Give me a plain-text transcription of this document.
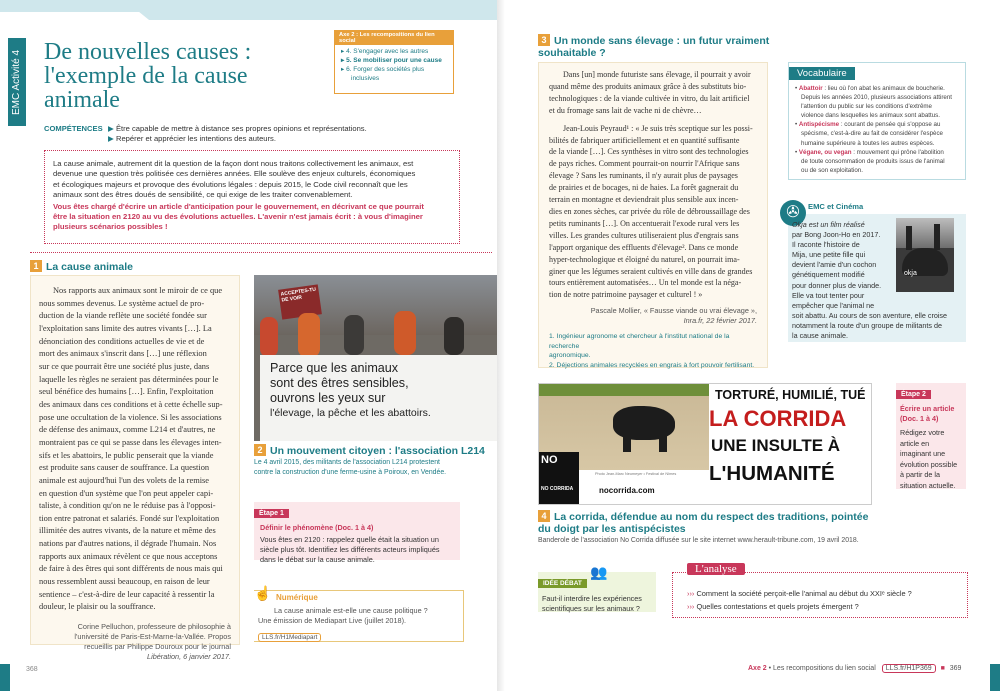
EMC Activité 4 De nouvelles causes :
l'exemple de la cause
animale
Axe 2 : Les recompositions du lien social
▸ 4. S'engager avec les autres
▸ 5. Se mobiliser pour une cause
▸ 6. Forger des sociétés plus
inclusives
COMPÉTENCES ▶ Être capable de mettre à distance ses propres opinions et représentations.
▶ Repérer et apprécier les intentions des auteurs.
La cause animale, autrement dit la question de la façon dont nous traitons collectivement les animaux, est
devenue une question très politisée ces dernières années. Elle soulève des enjeux culturels, économiques
et écologiques majeurs et provoque des évolutions légales : depuis 2015, le Code civil reconnaît que les
animaux sont des êtres doués de sensibilité, ce qui exige de les traiter convenablement.
Vous êtes chargé d'écrire un article d'anticipation pour le gouvernement, en décrivant ce que pourrait
être la situation en 2120 au vu des évolutions actuelles. L'avenir n'est jamais écrit : à vous d'imaginer
plusieurs scénarios possibles !
1 La cause animale
Nos rapports aux animaux sont le miroir de ce que
nous sommes devenus. Le système actuel de pro-
duction de la viande reflète une société fondée sur
l'exploitation sans limite des autres vivants […]. La
dénonciation des conditions actuelles de vie et de
mort des animaux s'inscrit dans […] une réflexion
sur ce que pourrait être une société plus juste, dans
laquelle les règles ne seraient pas déterminées pour le
seul bénéfice des humains […]. Enfin, l'exploitation
des animaux dans ces conditions et à cette échelle sup-
pose une occultation de la violence. Si les associations
de défense des animaux, comme L214 et d'autres, ne
montraient pas ce qui se passe dans les élevages inten-
sifs et les abattoirs, le public penserait que la viande
est produite sans causer de souffrance. La question
animale est aujourd'hui l'un des volets de la remise
en question d'un système que l'on peut appeler capi-
taliste, à condition qu'on ne le réduise pas à l'opposi-
tion entre patronat et salariés. Fondé sur l'exploitation
illimitée des autres vivants, de la nature et même des
nations par d'autres nations, il dégrade l'humain. Nos
rapports aux animaux révèlent ce que nous acceptons
de faire à des êtres qui sont différents de nous mais qui
nous ressemblent aussi beaucoup, en raison de leur
sentience – c'est-à-dire de leur capacité à ressentir la
douleur, le plaisir ou la souffrance.
Corine Pelluchon, professeure de philosophie à
l'université de Paris-Est-Marne-la-Vallée. Propos
recueillis par Philippe Douroux pour le journal
Libération, 6 janvier 2017.
ACCEPTES-TU DE VOIR
Parce que les animaux
sont des êtres sensibles,
ouvrons les yeux sur
l'élevage, la pêche et les abattoirs.
2 Un mouvement citoyen : l'association L214
Le 4 avril 2015, des militants de l'association L214 protestent
contre la construction d'une ferme-usine à Poiroux, en Vendée.
Étape 1
Définir le phénomène (Doc. 1 à 4)
Vous êtes en 2120 : rappelez quelle était la situation un
siècle plus tôt. Identifiez les différents acteurs impliqués
dans le débat sur la cause animale.
☝ Numérique
La cause animale est-elle une cause politique ?
Une émission de Mediapart Live (juillet 2018).
LLS.fr/H1Mediapart
368
3 Un monde sans élevage : un futur vraiment
souhaitable ?
Dans [un] monde futuriste sans élevage, il pourrait y avoir
quand même des produits animaux grâce à des substituts bio-
technologiques : de la viande cultivée in vitro, du lait artificiel
et du fromage sans lait de vache ni de chèvre…
Jean-Louis Peyraud¹ : « Je suis très sceptique sur les possi-
bilités de fabriquer artificiellement et en quantité suffisante
de la viande […]. Ces synthèses in vitro sont des technologies
de pays riches. Comment pourrait-on nourrir l'Afrique sans
élevage ? Sans les ruminants, il n'y aurait plus de paysages
de prairies et de bocages, ni de haies. La forêt gagnerait du
terrain en montagne et deviendrait plus sensible aux incen-
dies en zones sèches, car privée du rôle de débroussaillage des
petits ruminants […]. On accentuerait l'exode rural vers les
villes. Les grandes cultures utiliseraient plus d'engrais sans
l'apport organique des effluents d'élevage². Dans ce monde
hyper-technologique et éloigné du naturel, on pourrait ima-
giner que les légumes seraient cultivés en ville dans de grandes
tours entièrement automatisées… Un tel monde est la néga-
tion de notre patrimoine paysager et culturel ! »
Pascale Mollier, « Fausse viande ou vrai élevage »,
Inra.fr, 22 février 2017.
1. Ingénieur agronome et chercheur à l'institut national de la recherche
agronomique.
2. Déjections animales recyclées en engrais à fort pouvoir fertilisant.
Vocabulaire
• Abattoir : lieu où l'on abat les animaux de boucherie.
Depuis les années 2010, plusieurs associations attirent
l'attention du public sur les conditions d'extrême
violence dans lesquelles les animaux sont abattus.
• Antispécisme : courant de pensée qui s'oppose au
spécisme, c'est-à-dire au fait de considérer l'espèce
humaine supérieure à toutes les autres espèces.
• Végane, ou vegan : mouvement qui prône l'abolition
de toute consommation de produits issus de l'animal
ou de son exploitation.
✇	EMC et Cinéma
okja
Okja est un film réalisé
par Bong Joon-Ho en 2017.
Il raconte l'histoire de
Mija, une petite fille qui
devient l'amie d'un cochon
génétiquement modifié
pour donner plus de viande.
Elle va tout tenter pour
empêcher que l'animal ne
soit abattu. Au cours de son aventure, elle croise
notamment la route d'un groupe de militants de
la cause animale.
NO
NO CORRIDA
Photo Jean-Marc Neumeyer • Festival de Nîmes
nocorrida.com
TORTURÉ, HUMILIÉ, TUÉ
LA CORRIDA
UNE INSULTE À
L'HUMANITÉ
Étape 2
Écrire un article
(Doc. 1 à 4)
Rédigez votre
article en
imaginant une
évolution possible
à partir de la
situation actuelle.
4 La corrida, défendue au nom du respect des traditions, pointée
du doigt par les antispécistes
Banderole de l'association No Corrida diffusée sur le site internet www.herault-tribune.com, 19 avril 2018.
IDÉE DÉBAT
👥
Faut-il interdire les expériences
scientifiques sur les animaux ?
L'analyse
››› Comment la société perçoit-elle l'animal au début du XXIᵉ siècle ?
››› Quelles contestations et quels projets émergent ?
Axe 2 • Les recompositions du lien social LLS.fr/H1P369 ■ 369
